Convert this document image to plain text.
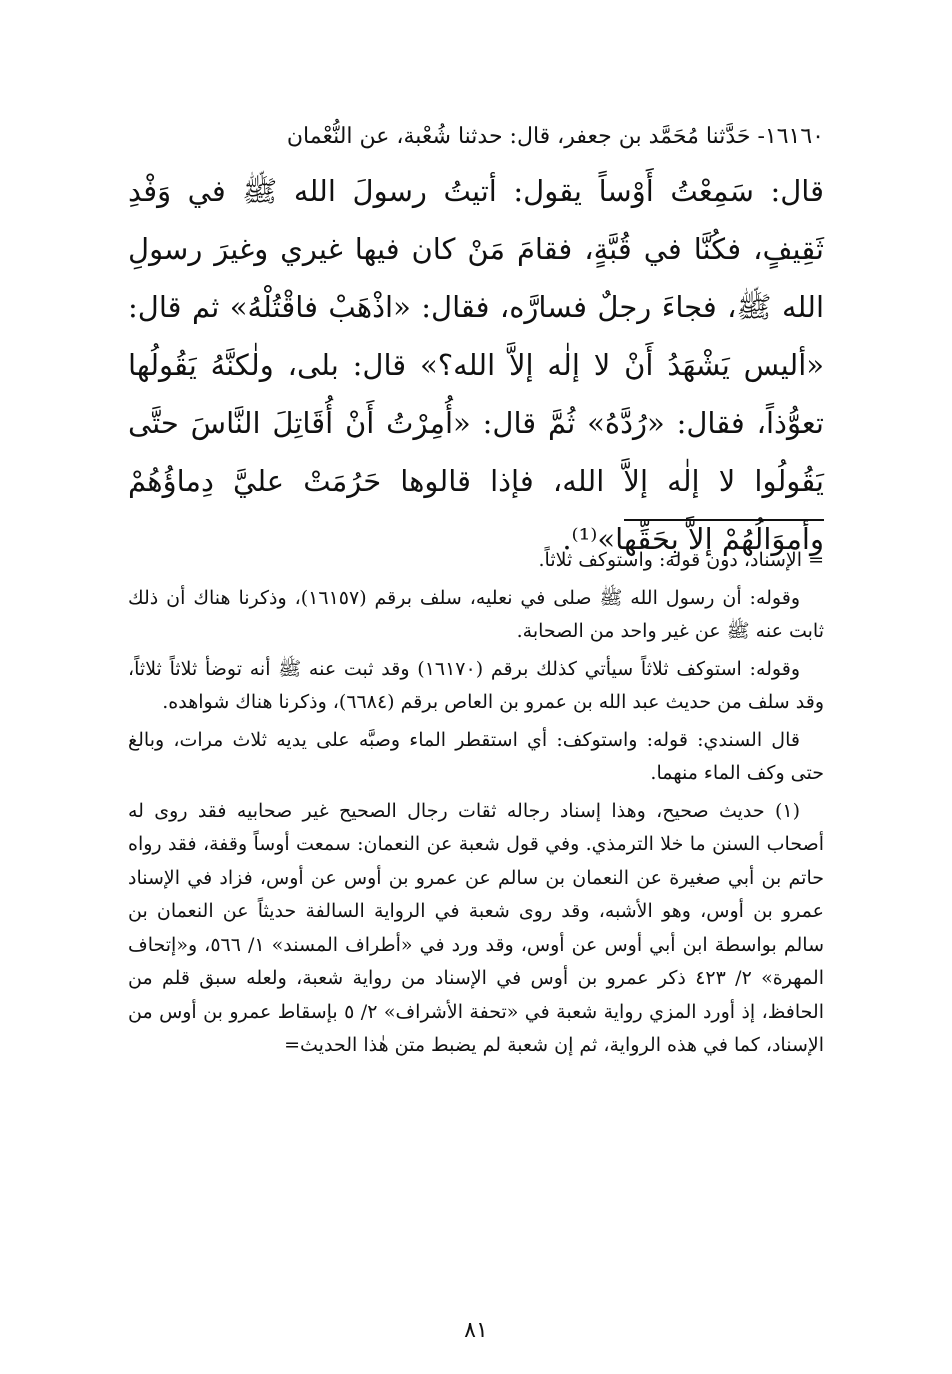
١٦١٦٠- حَدَّثنا مُحَمَّد بن جعفر، قال: حدثنا شُعْبة، عن النُّعْمان

قال: سَمِعْتُ أَوْساً يقول: أتيتُ رسولَ الله ﷺ في وَفْدِ ثَقِيفٍ، فكُنَّا في قُبَّةٍ، فقامَ مَنْ كان فيها غيري وغيرَ رسولِ الله ﷺ، فجاءَ رجلٌ فسارَّه، فقال: «اذْهَبْ فاقْتُلْهُ» ثم قال: «أليس يَشْهَدُ أَنْ لا إلٰه إلاَّ الله؟» قال: بلى، ولٰكنَّهُ يَقُولُها تعوُّذاً، فقال: «رُدَّهُ» ثُمَّ قال: «أُمِرْتُ أَنْ أُقَاتِلَ النَّاسَ حتَّى يَقُولُوا لا إلٰه إلاَّ الله، فإذا قالوها حَرُمَتْ عليَّ دِماؤُهُمْ وأموَالُهُمْ إلاَّ بِحَقِّها»⁽¹⁾.

= الإسناد، دون قوله: واستوكف ثلاثاً.

وقوله: أن رسول الله ﷺ صلى في نعليه، سلف برقم (١٦١٥٧)، وذكرنا هناك أن ذلك ثابت عنه ﷺ عن غير واحد من الصحابة.

وقوله: استوكف ثلاثاً سيأتي كذلك برقم (١٦١٧٠) وقد ثبت عنه ﷺ أنه توضأ ثلاثاً ثلاثاً، وقد سلف من حديث عبد الله بن عمرو بن العاص برقم (٦٦٨٤)، وذكرنا هناك شواهده.

قال السندي: قوله: واستوكف: أي استقطر الماء وصبَّه على يديه ثلاث مرات، وبالغ حتى وكف الماء منهما.

(١) حديث صحيح، وهذا إسناد رجاله ثقات رجال الصحيح غير صحابيه فقد روى له أصحاب السنن ما خلا الترمذي. وفي قول شعبة عن النعمان: سمعت أوساً وقفة، فقد رواه حاتم بن أبي صغيرة عن النعمان بن سالم عن عمرو بن أوس عن أوس، فزاد في الإسناد عمرو بن أوس، وهو الأشبه، وقد روى شعبة في الرواية السالفة حديثاً عن النعمان بن سالم بواسطة ابن أبي أوس عن أوس، وقد ورد في «أطراف المسند» ١/ ٥٦٦، و«إتحاف المهرة» ٢/ ٤٢٣ ذكر عمرو بن أوس في الإسناد من رواية شعبة، ولعله سبق قلم من الحافظ، إذ أورد المزي رواية شعبة في «تحفة الأشراف» ٢/ ٥ بإسقاط عمرو بن أوس من الإسناد، كما في هذه الرواية، ثم إن شعبة لم يضبط متن هٰذا الحديث=

٨١
